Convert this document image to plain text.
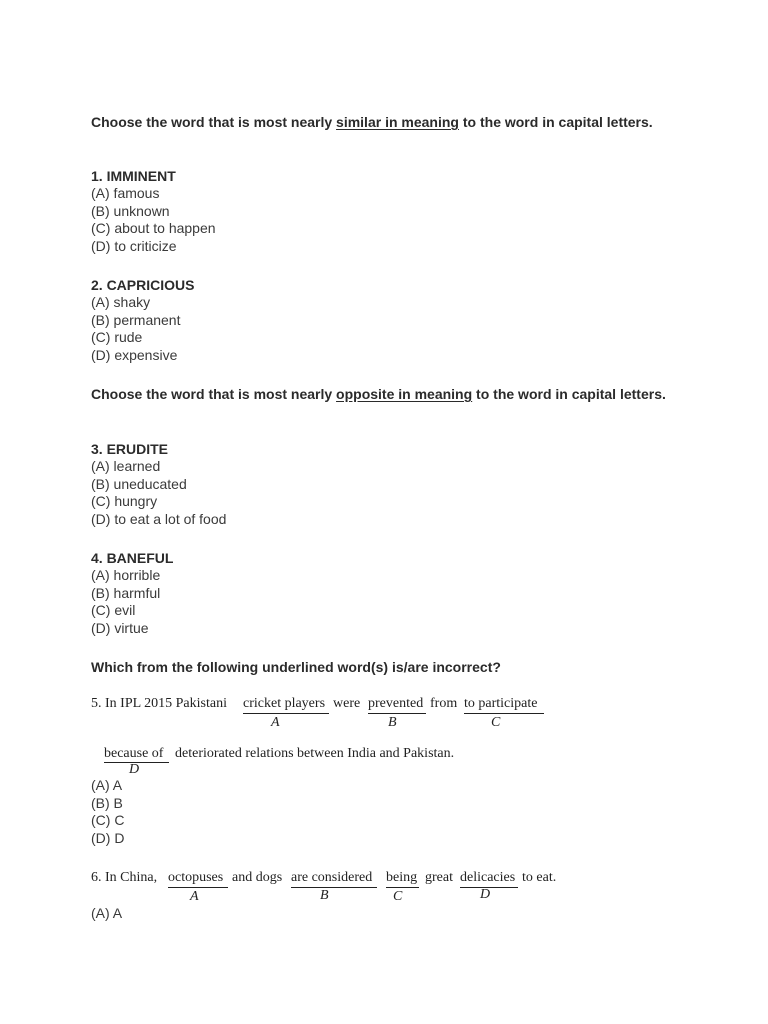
Choose the word that is most nearly similar in meaning to the word in capital letters.
1. IMMINENT
(A) famous
(B) unknown
(C) about to happen
(D) to criticize
2. CAPRICIOUS
(A) shaky
(B) permanent
(C) rude
(D) expensive
Choose the word that is most nearly opposite in meaning to the word in capital letters.
3. ERUDITE
(A) learned
(B) uneducated
(C) hungry
(D) to eat a lot of food
4. BANEFUL
(A) horrible
(B) harmful
(C) evil
(D) virtue
Which from the following underlined word(s) is/are incorrect?
5. In IPL 2015 Pakistani cricket players were prevented from to participate
A	B	C
because of deteriorated relations between India and Pakistan.
D
(A) A
(B) B
(C) C
(D) D
6. In China, octopuses and dogs are considered being great delicacies to eat.
A	B	C	D
(A) A
